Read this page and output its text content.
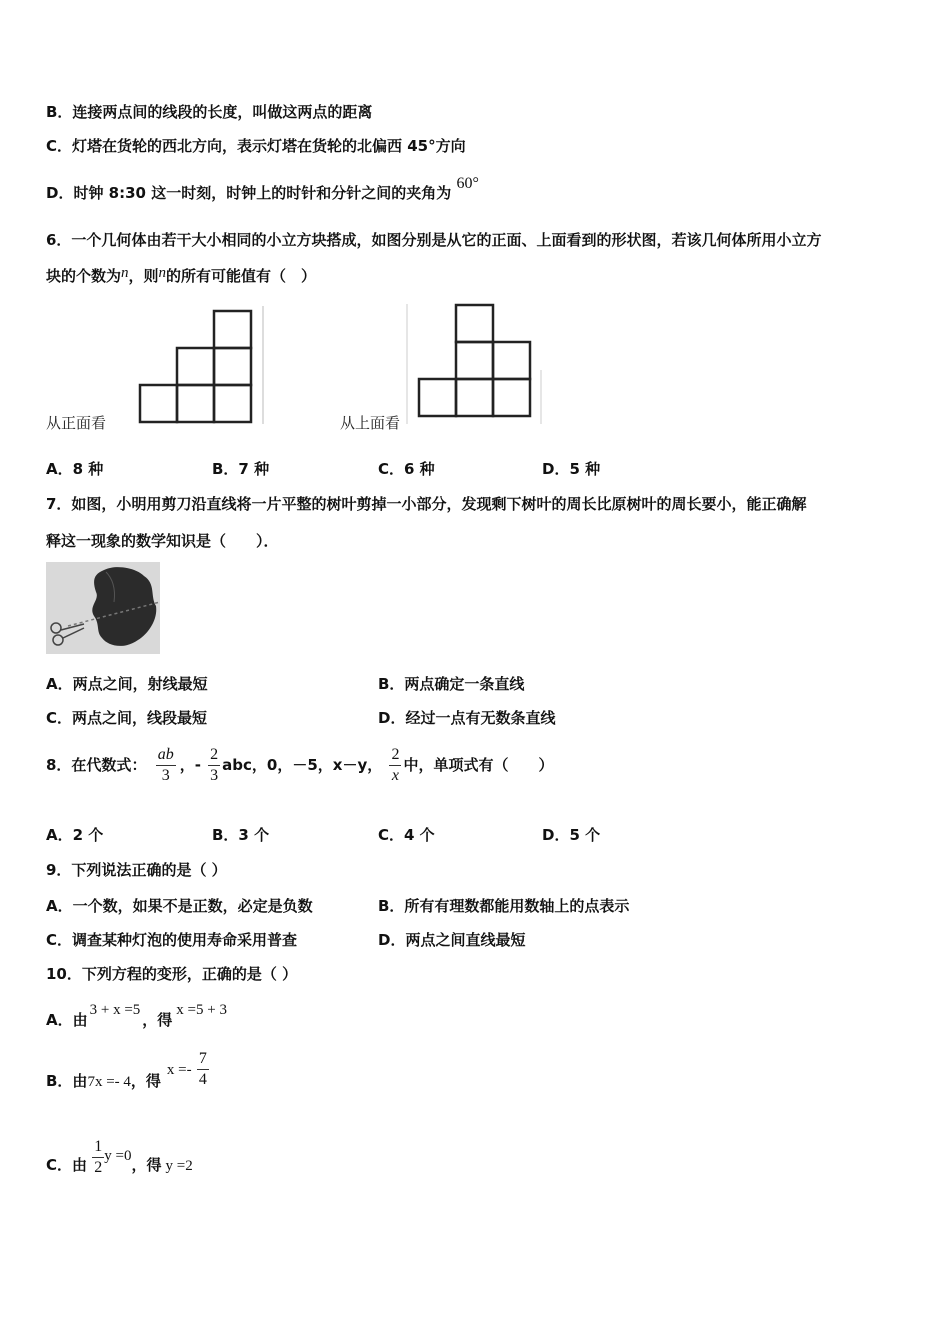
B．连接两点间的线段的长度，叫做这两点的距离
C．灯塔在货轮的西北方向，表示灯塔在货轮的北偏西 45°方向
D．时钟 8:30 这一时刻，时钟上的时针和分针之间的夹角为 60°
6．一个几何体由若干大小相同的小立方块搭成，如图分别是从它的正面、上面看到的形状图，若该几何体所用小立方
块的个数为n，则n的所有可能值有（　）
从正面看	从上面看
A．8 种	B．7 种	C．6 种	D．5 种
7．如图，小明用剪刀沿直线将一片平整的树叶剪掉一小部分，发现剩下树叶的周长比原树叶的周长要小，能正确解
释这一现象的数学知识是（　　）．
A．两点之间，射线最短	B．两点确定一条直线
C．两点之间，线段最短	D．经过一点有无数条直线
8．在代数式： $\frac{ab}{3}$ ，- $\frac{2}{3}$ abc，0，－5，x－y， $\frac{2}{x}$ 中，单项式有（　　）
A．2 个	B．3 个	C．4 个	D．5 个
9．下列说法正确的是（ ）
A．一个数，如果不是正数，必定是负数	B．所有有理数都能用数轴上的点表示
C．调查某种灯泡的使用寿命采用普查	D．两点之间直线最短
10．下列方程的变形，正确的是（ ）
A．由3 + x =5，得x =5 + 3
B．由7x =- 4，得$x =- \frac{7}{4}$
C．由 $\frac{1}{2}$ y =0，得 y =2
